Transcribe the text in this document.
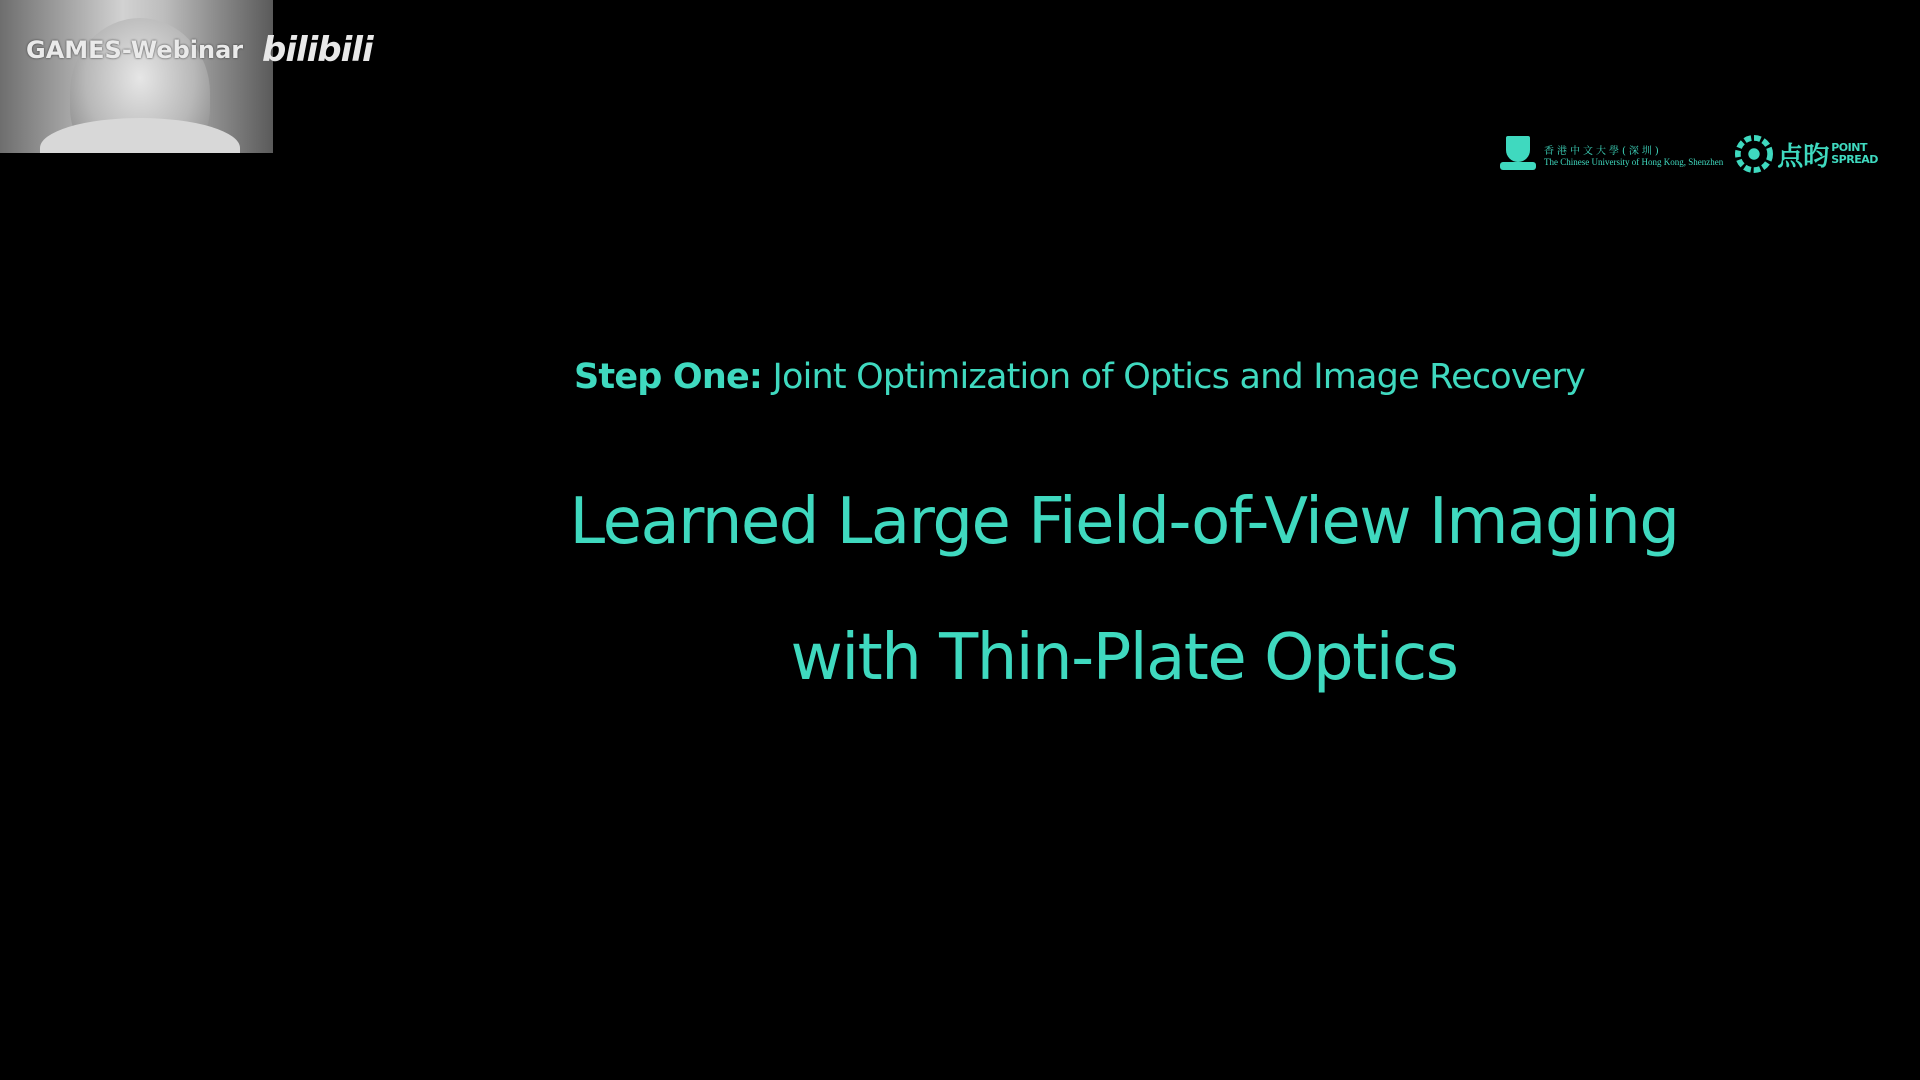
GAMES-Webinar bilibili
香港中文大學(深圳)
The Chinese University of Hong Kong, Shenzhen 点昀 POINT
SPREAD
Step One: Joint Optimization of Optics and Image Recovery
Learned Large Field-of-View Imaging
with Thin-Plate Optics
